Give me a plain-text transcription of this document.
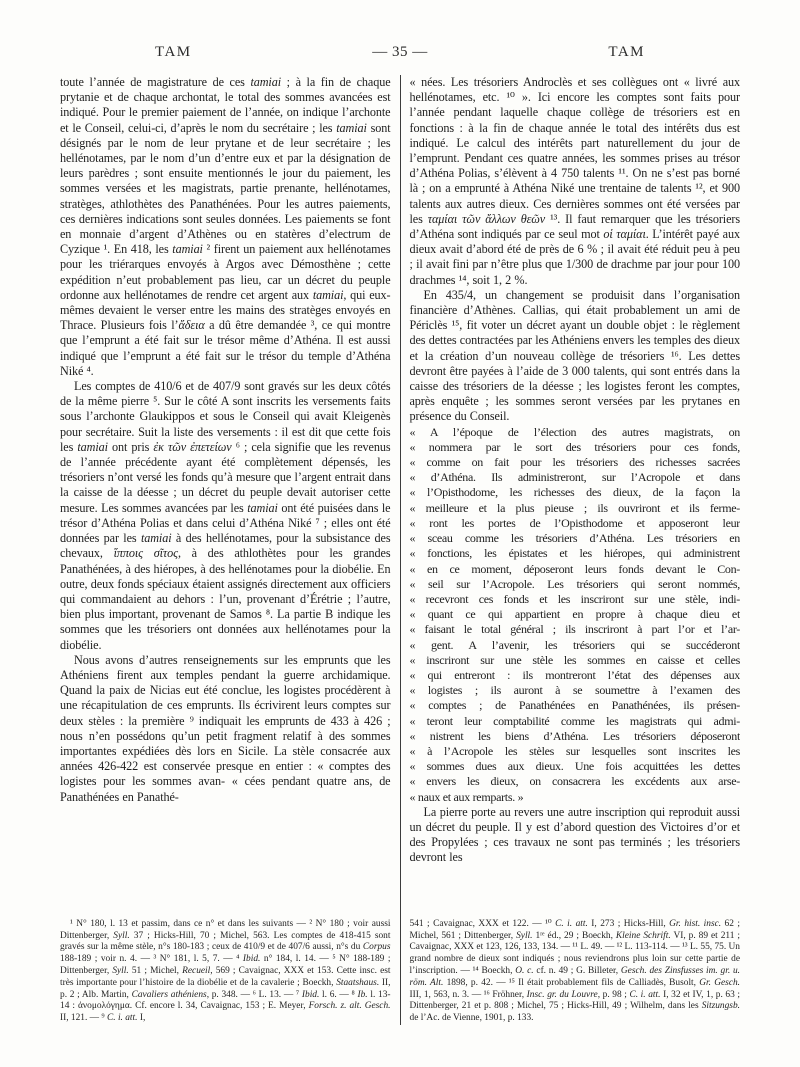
TAM	— 35 —	TAM

toute l’année de magistrature de ces tamiai ; à la fin de chaque prytanie et de chaque archontat, le total des sommes avancées est indiqué. Pour le premier paiement de l’année, on indique l’archonte et le Conseil, celui-ci, d’après le nom du secrétaire ; les tamiai sont désignés par le nom de leur prytane et de leur secrétaire ; les hellénotames, par le nom d’un d’entre eux et par la désignation de leurs parèdres ; sont ensuite mentionnés le jour du paiement, les sommes versées et les magistrats, partie prenante, hellénotames, stratèges, athlothètes des Panathénées. Pour les autres paiements, ces dernières indications sont seules données. Les paiements se font en monnaie d’argent d’Athènes ou en statères d’electrum de Cyzique ¹. En 418, les tamiai ² firent un paiement aux hellénotames pour les triérarques envoyés à Argos avec Démosthène ; cette expédition n’eut probablement pas lieu, car un décret du peuple ordonne aux hellénotames de rendre cet argent aux tamiai, qui eux-mêmes devaient le verser entre les mains des stratèges envoyés en Thrace. Plusieurs fois l’ἄδεια a dû être demandée ³, ce qui montre que l’emprunt a été fait sur le trésor même d’Athéna. Il est aussi indiqué que l’emprunt a été fait sur le trésor du temple d’Athéna Niké ⁴.

Les comptes de 410/6 et de 407/9 sont gravés sur les deux côtés de la même pierre ⁵. Sur le côté A sont inscrits les versements faits sous l’archonte Glaukippos et sous le Conseil qui avait Kleigenès pour secrétaire. Suit la liste des versements : il est dit que cette fois les tamiai ont pris ἐκ τῶν ἐπετείων ⁶ ; cela signifie que les revenus de l’année précédente ayant été complètement dépensés, les trésoriers n’ont versé les fonds qu’à mesure que l’argent entrait dans la caisse de la déesse ; un décret du peuple devait autoriser cette mesure. Les sommes avancées par les tamiai ont été puisées dans le trésor d’Athéna Polias et dans celui d’Athéna Niké ⁷ ; elles ont été données par les tamiai à des hellénotames, pour la subsistance des chevaux, ἵπποις σῖτος, à des athlothètes pour les grandes Panathénées, à des hiéropes, à des hellénotames pour la diobélie. En outre, deux fonds spéciaux étaient assignés directement aux officiers qui commandaient au dehors : l’un, provenant d’Érétrie ; l’autre, bien plus important, provenant de Samos ⁸. La partie B indique les sommes que les trésoriers ont données aux hellénotames pour la diobélie.

Nous avons d’autres renseignements sur les emprunts que les Athéniens firent aux temples pendant la guerre archidamique. Quand la paix de Nicias eut été conclue, les logistes procédèrent à une récapitulation de ces emprunts. Ils écrivirent leurs comptes sur deux stèles : la première ⁹ indiquait les emprunts de 433 à 426 ; nous n’en possédons qu’un petit fragment relatif à des sommes importantes expédiées dès lors en Sicile. La stèle consacrée aux années 426-422 est conservée presque en entier : « comptes des logistes pour les sommes avan- « cées pendant quatre ans, de Panathénées en Panathé-

¹ N° 180, l. 13 et passim, dans ce n° et dans les suivants — ² N° 180 ; voir aussi Dittenberger, Syll. 37 ; Hicks-Hill, 70 ; Michel, 563. Les comptes de 418-415 sont gravés sur la même stèle, n°s 180-183 ; ceux de 410/9 et de 407/6 aussi, n°s du Corpus 188-189 ; voir n. 4. — ³ N° 181, l. 5, 7. — ⁴ Ibid. n° 184, l. 14. — ⁵ N° 188-189 ; Dittenberger, Syll. 51 ; Michel, Recueil, 569 ; Cavaignac, XXX et 153. Cette insc. est très importante pour l’histoire de la diobélie et de la cavalerie ; Boeckh, Staatshaus. II, p. 2 ; Alb. Martin, Cavaliers athéniens, p. 348. — ⁶ L. 13. — ⁷ Ibid. l. 6. — ⁸ Ib. l. 13-14 : ἀνομολόγημα. Cf. encore l. 34, Cavaignac, 153 ; E. Meyer, Forsch. z. alt. Gesch. II, 121. — ⁹ C. i. att. I,

« nées. Les trésoriers Androclès et ses collègues ont « livré aux hellénotames, etc. ¹⁰ ». Ici encore les comptes sont faits pour l’année pendant laquelle chaque collège de trésoriers est en fonctions : à la fin de chaque année le total des intérêts dus est indiqué. Le calcul des intérêts part naturellement du jour de l’emprunt. Pendant ces quatre années, les sommes prises au trésor d’Athéna Polias, s’élèvent à 4 750 talents ¹¹. On ne s’est pas borné là ; on a emprunté à Athéna Niké une trentaine de talents ¹², et 900 talents aux autres dieux. Ces dernières sommes ont été versées par les ταμίαι τῶν ἄλλων θεῶν ¹³. Il faut remarquer que les trésoriers d’Athéna sont indiqués par ce seul mot οἱ ταμίαι. L’intérêt payé aux dieux avait d’abord été de près de 6 % ; il avait été réduit peu à peu ; il avait fini par n’être plus que 1/300 de drachme par jour pour 100 drachmes ¹⁴, soit 1, 2 %.

En 435/4, un changement se produisit dans l’organisation financière d’Athènes. Callias, qui était probablement un ami de Périclès ¹⁵, fit voter un décret ayant un double objet : le règlement des dettes contractées par les Athéniens envers les temples des dieux et la création d’un nouveau collège de trésoriers ¹⁶. Les dettes devront être payées à l’aide de 3 000 talents, qui sont entrés dans la caisse des trésoriers de la déesse ; les logistes feront les comptes, après enquête ; les sommes seront versées par les prytanes en présence du Conseil.

« A l’époque de l’élection des autres magistrats, on
« nommera par le sort des trésoriers pour ces fonds,
« comme on fait pour les trésoriers des richesses sacrées
« d’Athéna. Ils administreront, sur l’Acropole et dans
« l’Opisthodome, les richesses des dieux, de la façon la
« meilleure et la plus pieuse ; ils ouvriront et ils ferme-
« ront les portes de l’Opisthodome et apposeront leur
« sceau comme les trésoriers d’Athéna. Les trésoriers en
« fonctions, les épistates et les hiéropes, qui administrent
« en ce moment, déposeront leurs fonds devant le Con-
« seil sur l’Acropole. Les trésoriers qui seront nommés,
« recevront ces fonds et les inscriront sur une stèle, indi-
« quant ce qui appartient en propre à chaque dieu et
« faisant le total général ; ils inscriront à part l’or et l’ar-
« gent. A l’avenir, les trésoriers qui se succéderont
« inscriront sur une stèle les sommes en caisse et celles
« qui entreront : ils montreront l’état des dépenses aux
« logistes ; ils auront à se soumettre à l’examen des
« comptes ; de Panathénées en Panathénées, ils présen-
« teront leur comptabilité comme les magistrats qui admi-
« nistrent les biens d’Athéna. Les trésoriers déposeront
« à l’Acropole les stèles sur lesquelles sont inscrites les
« sommes dues aux dieux. Une fois acquittées les dettes
« envers les dieux, on consacrera les excédents aux arse-
« naux et aux remparts. »

La pierre porte au revers une autre inscription qui reproduit aussi un décret du peuple. Il y est d’abord question des Victoires d’or et des Propylées ; ces travaux ne sont pas terminés ; les trésoriers devront les

541 ; Cavaignac, XXX et 122. — ¹⁰ C. i. att. I, 273 ; Hicks-Hill, Gr. hist. insc. 62 ; Michel, 561 ; Dittenberger, Syll. 1ʳᵉ éd., 29 ; Boeckh, Kleine Schrift. VI, p. 89 et 211 ; Cavaignac, XXX et 123, 126, 133, 134. — ¹¹ L. 49. — ¹² L. 113-114. — ¹³ L. 55, 75. Un grand nombre de dieux sont indiqués ; nous reviendrons plus loin sur cette partie de l’inscription. — ¹⁴ Boeckh, O. c. cf. n. 49 ; G. Billeter, Gesch. des Zinsfusses im. gr. u. röm. Alt. 1898, p. 42. — ¹⁵ Il était probablement fils de Calliadès, Busolt, Gr. Gesch. III, 1, 563, n. 3. — ¹⁶ Fröhner, Insc. gr. du Louvre, p. 98 ; C. i. att. I, 32 et IV, 1, p. 63 ; Dittenberger, 21 et p. 808 ; Michel, 75 ; Hicks-Hill, 49 ; Wilhelm, dans les Sitzungsb. de l’Ac. de Vienne, 1901, p. 133.
